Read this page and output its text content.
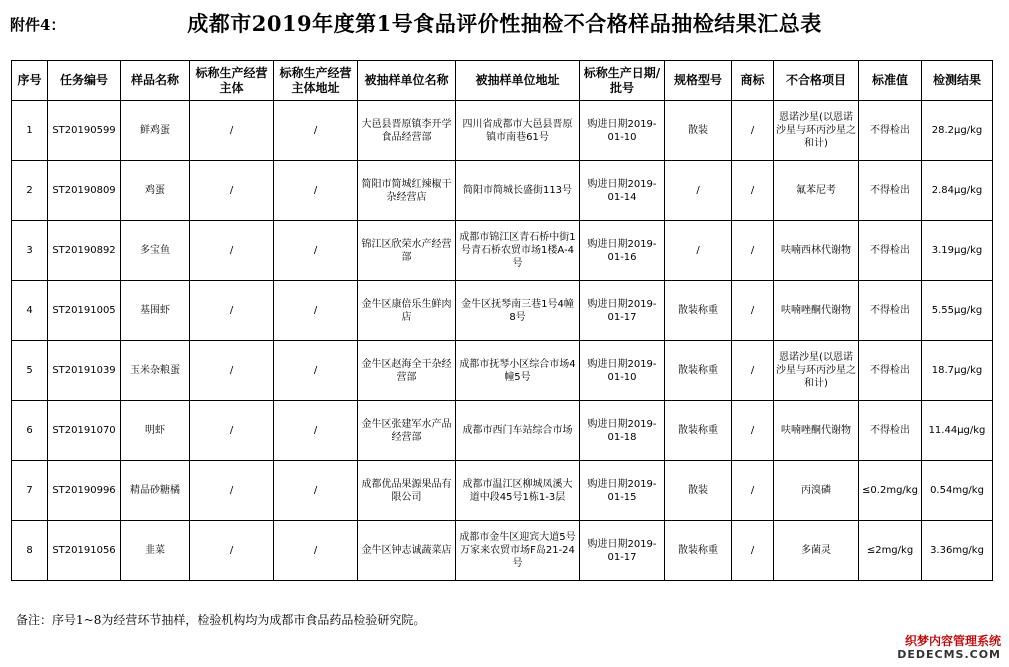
附件4：	成都市2019年度第1号食品评价性抽检不合格样品抽检结果汇总表
序号	任务编号	样品名称	标称生产经营主体	标称生产经营主体地址	被抽样单位名称	被抽样单位地址	标称生产日期/批号	规格型号	商标	不合格项目	标准值	检测结果
1	ST20190599	鲜鸡蛋	/	/	大邑县晋原镇李开学食品经营部	四川省成都市大邑县晋原镇市南巷61号	购进日期2019-01-10	散装	/	恩诺沙星(以恩诺沙星与环丙沙星之和计)	不得检出	28.2μg/kg
2	ST20190809	鸡蛋	/	/	简阳市简城红辣椒干杂经营店	简阳市简城长盛街113号	购进日期2019-01-14	/	/	氟苯尼考	不得检出	2.84μg/kg
3	ST20190892	多宝鱼	/	/	锦江区欣荣水产经营部	成都市锦江区青石桥中街1号青石桥农贸市场1楼A-4号	购进日期2019-01-16	/	/	呋喃西林代谢物	不得检出	3.19μg/kg
4	ST20191005	基围虾	/	/	金牛区康倍乐生鲜肉店	金牛区抚琴南三巷1号4幢8号	购进日期2019-01-17	散装称重	/	呋喃唑酮代谢物	不得检出	5.55μg/kg
5	ST20191039	玉米杂粮蛋	/	/	金牛区赵海全干杂经营部	成都市抚琴小区综合市场4幢5号	购进日期2019-01-10	散装称重	/	恩诺沙星(以恩诺沙星与环丙沙星之和计)	不得检出	18.7μg/kg
6	ST20191070	明虾	/	/	金牛区张建军水产品经营部	成都市西门车站综合市场	购进日期2019-01-18	散装称重	/	呋喃唑酮代谢物	不得检出	11.44μg/kg
7	ST20190996	精品砂糖橘	/	/	成都优品果源果品有限公司	成都市温江区柳城凤溪大道中段45号1栋1-3层	购进日期2019-01-15	散装	/	丙溴磷	≤0.2mg/kg	0.54mg/kg
8	ST20191056	韭菜	/	/	金牛区钟志诚蔬菜店	成都市金牛区迎宾大道5号万家来农贸市场F岛21-24号	购进日期2019-01-17	散装称重	/	多菌灵	≤2mg/kg	3.36mg/kg
备注：序号1~8为经营环节抽样，检验机构均为成都市食品药品检验研究院。
织梦内容管理系统
DEDECMS.COM
